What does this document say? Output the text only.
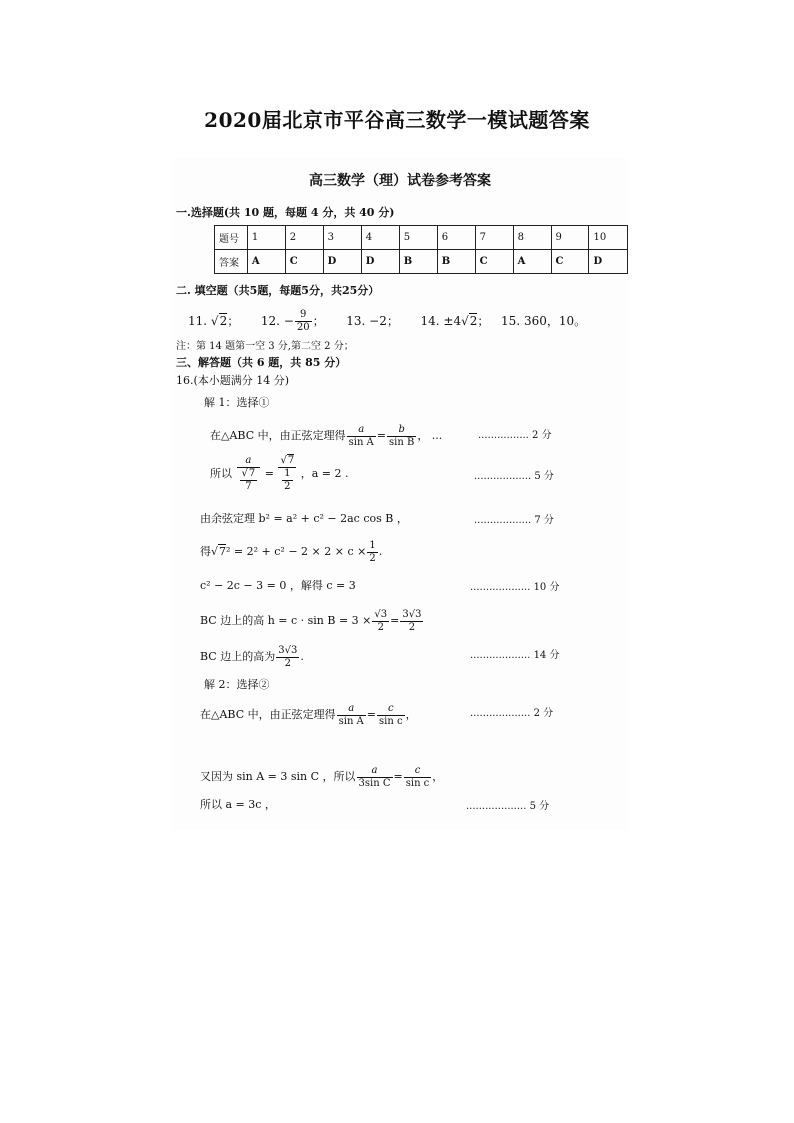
2020届北京市平谷高三数学一模试题答案
高三数学（理）试卷参考答案
一.选择题(共 10 题，每题 4 分，共 40 分)
题号	1	2	3	4	5	6	7	8	9	10
答案	A	C	D	D	B	B	C	A	C	D
二. 填空题（共5题，每题5分，共25分）
11. √2； 12. − $\frac{9}{20}$ ； 13. −2； 14. ±4√2； 15. 360，10。
注：第 14 题第一空 3 分,第二空 2 分；
三、解答题（共 6 题，共 85 分）
16.(本小题满分 14 分)
解 1：选择①
在△ABC 中，由正弦定理得 $\frac{a}{\text{sin A}} = \frac{b}{\text{sin B}}$ ， ...	................ 2 分
所以 $\frac{a}{\frac{√7}{7}} = \frac{√7}{\frac{1}{2}}$ ，a = 2 .	.................. 5 分
由余弦定理 b² = a² + c² − 2ac cos B ，	.................. 7 分
得$√7^2 = 2^2 + c^2 - 2 \times 2 \times c \times \frac{1}{2}$ .
c² − 2c − 3 = 0 ，解得 c = 3	................... 10 分
BC 边上的高 $h = c \cdot \sin B = 3 \times \frac{√3}{2} = \frac{3√3}{2}$
BC 边上的高为 $\frac{3√3}{2}$ .	................... 14 分
解 2：选择②
在△ABC 中，由正弦定理得 $\frac{a}{\text{sin A}} = \frac{c}{\text{sin c}}$ ，	................... 2 分
又因为 sin A = 3 sin C ，所以 $\frac{a}{\text{3sin C}} = \frac{c}{\text{sin c}}$ ，
所以 a = 3c ，	................... 5 分
